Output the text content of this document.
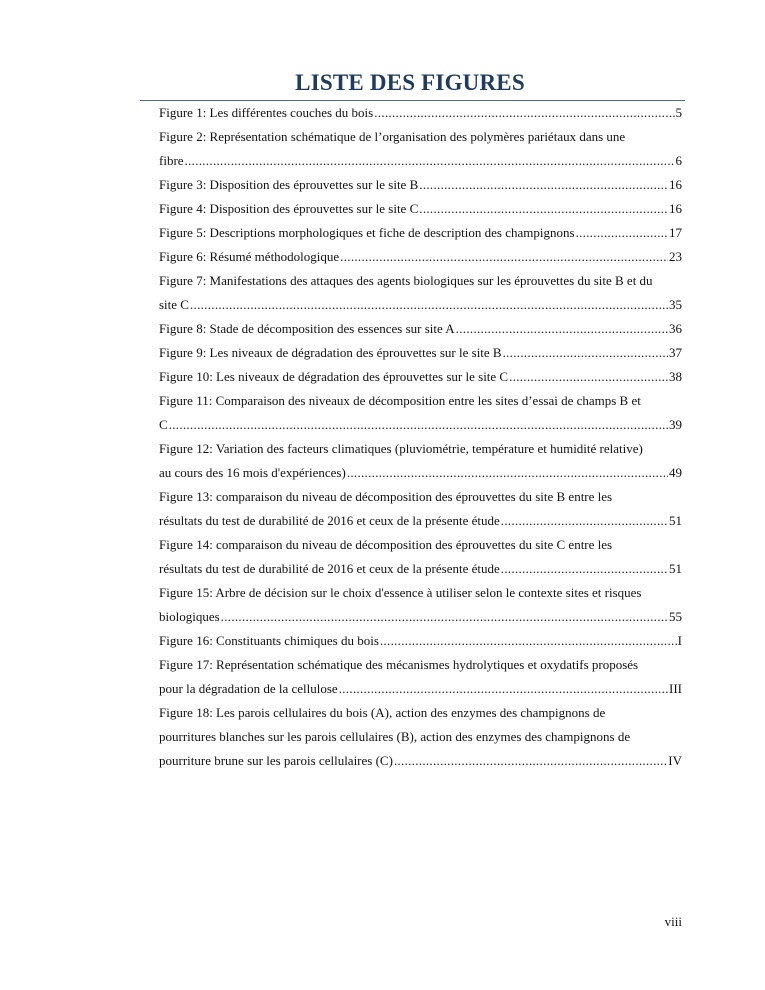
LISTE DES FIGURES
Figure 1: Les différentes couches du bois .....	5
Figure 2: Représentation schématique de l’organisation des polymères pariétaux dans une
fibre .....	6
Figure 3: Disposition des éprouvettes sur le site B .....	16
Figure 4: Disposition des éprouvettes sur le site C .....	16
Figure 5: Descriptions morphologiques et fiche de description des champignons .....	17
Figure 6: Résumé méthodologique .....	23
Figure 7: Manifestations des attaques des agents biologiques sur les éprouvettes du site B et du
site C .....	35
Figure 8: Stade de décomposition des essences sur site A .....	36
Figure 9: Les niveaux de dégradation des éprouvettes sur le site B .....	37
Figure 10: Les niveaux de dégradation des éprouvettes sur le site C .....	38
Figure 11: Comparaison des niveaux de décomposition entre les sites d’essai de champs B et
C .....	39
Figure 12: Variation des facteurs climatiques (pluviométrie, température et humidité relative)
au cours des 16 mois d'expériences) .....	49
Figure 13: comparaison du niveau de décomposition des éprouvettes du site B entre les
résultats du test de durabilité de 2016 et ceux de la présente étude .....	51
Figure 14: comparaison du niveau de décomposition des éprouvettes du site C entre les
résultats du test de durabilité de 2016 et ceux de la présente étude .....	51
Figure 15: Arbre de décision sur le choix d'essence à utiliser selon le contexte sites et risques
biologiques .....	55
Figure 16: Constituants chimiques du bois .....	I
Figure 17: Représentation schématique des mécanismes hydrolytiques et oxydatifs proposés
pour la dégradation de la cellulose .....	III
Figure 18: Les parois cellulaires du bois (A), action des enzymes des champignons de
pourritures blanches sur les parois cellulaires (B), action des enzymes des champignons de
pourriture brune sur les parois cellulaires (C) .....	IV
viii
